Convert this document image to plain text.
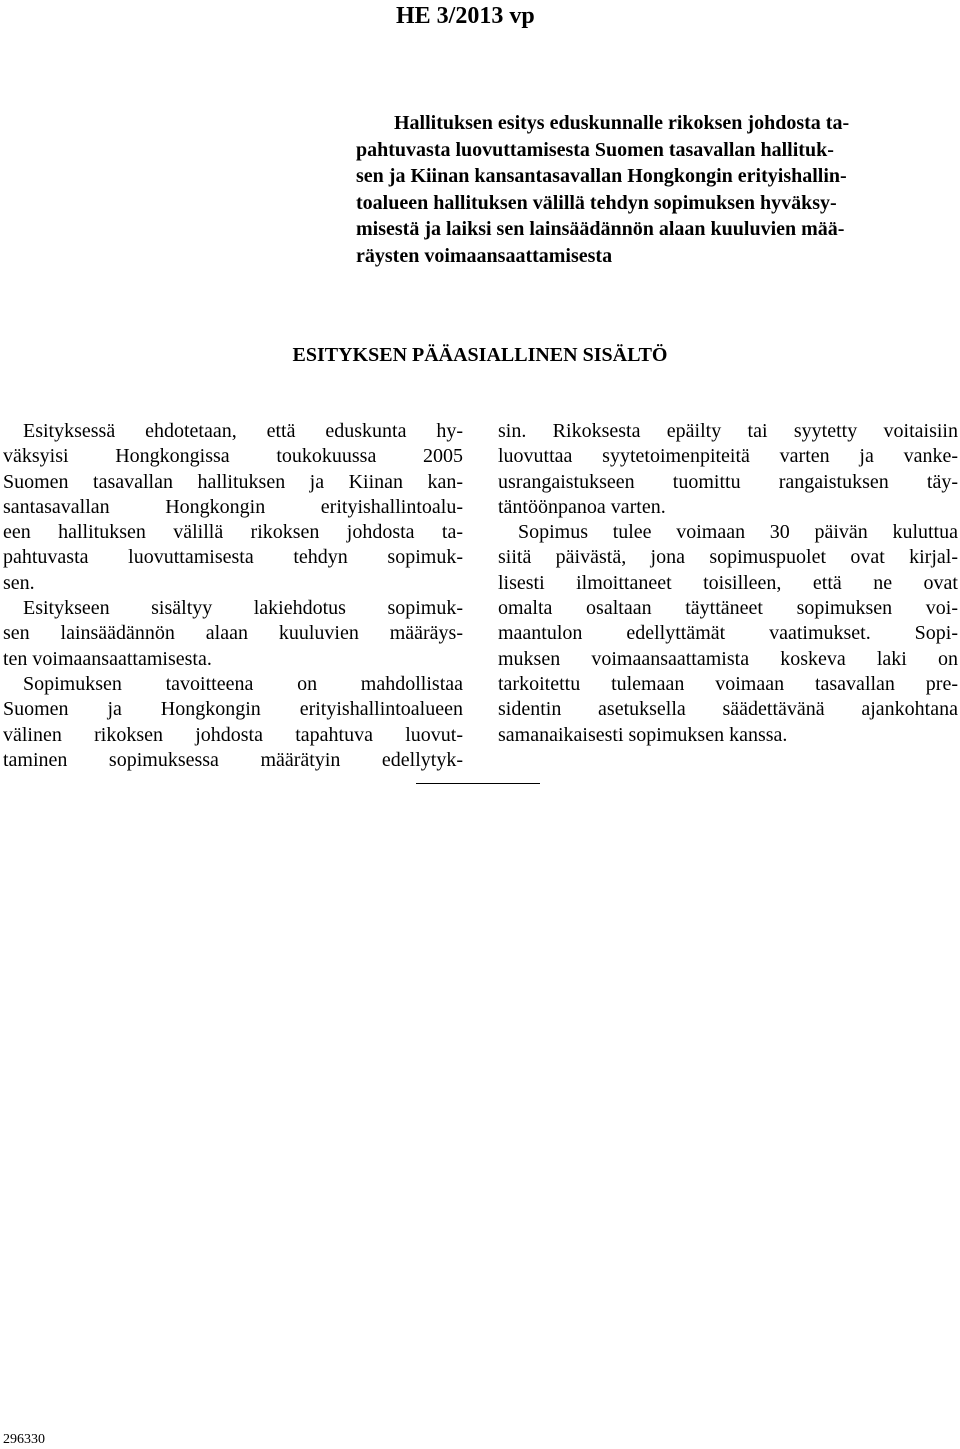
HE 3/2013 vp
Hallituksen esitys eduskunnalle rikoksen johdosta ta-
pahtuvasta luovuttamisesta Suomen tasavallan hallituk-
sen ja Kiinan kansantasavallan Hongkongin erityishallin-
toalueen hallituksen välillä tehdyn sopimuksen hyväksy-
misestä ja laiksi sen lainsäädännön alaan kuuluvien mää-
räysten voimaansaattamisesta
ESITYKSEN PÄÄASIALLINEN SISÄLTÖ

Esityksessä ehdotetaan, että eduskunta hy-
väksyisi Hongkongissa toukokuussa 2005
Suomen tasavallan hallituksen ja Kiinan kan-
santasavallan Hongkongin erityishallintoalu-
een hallituksen välillä rikoksen johdosta ta-
pahtuvasta luovuttamisesta tehdyn sopimuk-
sen.

Esitykseen sisältyy lakiehdotus sopimuk-
sen lainsäädännön alaan kuuluvien määräys-
ten voimaansaattamisesta.

Sopimuksen tavoitteena on mahdollistaa
Suomen ja Hongkongin erityishallintoalueen
välinen rikoksen johdosta tapahtuva luovut-
taminen sopimuksessa määrätyin edellytyk-

sin. Rikoksesta epäilty tai syytetty voitaisiin
luovuttaa syytetoimenpiteitä varten ja vanke-
usrangaistukseen tuomittu rangaistuksen täy-
täntöönpanoa varten.

Sopimus tulee voimaan 30 päivän kuluttua
siitä päivästä, jona sopimuspuolet ovat kirjal-
lisesti ilmoittaneet toisilleen, että ne ovat
omalta osaltaan täyttäneet sopimuksen voi-
maantulon edellyttämät vaatimukset. Sopi-
muksen voimaansaattamista koskeva laki on
tarkoitettu tulemaan voimaan tasavallan pre-
sidentin asetuksella säädettävänä ajankohtana
samanaikaisesti sopimuksen kanssa.

296330
